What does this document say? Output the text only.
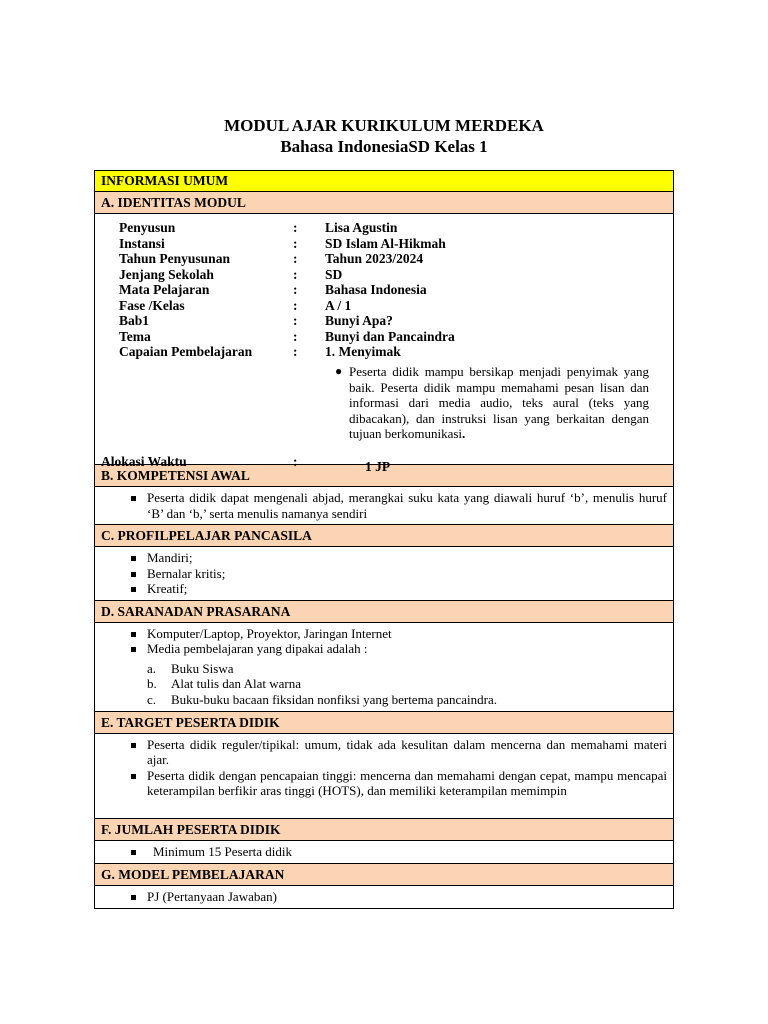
MODUL AJAR KURIKULUM MERDEKA
Bahasa IndonesiaSD Kelas 1
INFORMASI UMUM
A. IDENTITAS MODUL

Penyusun	: Lisa Agustin
Instansi	: SD Islam Al-Hikmah
Tahun Penyusunan	: Tahun 2023/2024
Jenjang Sekolah	: SD
Mata Pelajaran	: Bahasa Indonesia
Fase /Kelas	: A / 1
Bab1	: Bunyi Apa?
Tema	: Bunyi dan Pancaindra
Capaian Pembelajaran	: 1. Menyimak
● Peserta didik mampu bersikap menjadi penyimak yang baik. Peserta didik mampu memahami pesan lisan dan informasi dari media audio, teks aural (teks yang dibacakan), dan instruksi lisan yang berkaitan dengan tujuan berkomunikasi.
Alokasi Waktu	:	1 JP

B. KOMPETENSI AWAL

Peserta didik dapat mengenali abjad, merangkai suku kata yang diawali huruf ‘b’, menulis huruf ‘B’ dan ‘b,’ serta menulis namanya sendiri

C. PROFILPELAJAR PANCASILA

Mandiri;
Bernalar kritis;
Kreatif;

D. SARANADAN PRASARANA

Komputer/Laptop, Proyektor, Jaringan Internet
Media pembelajaran yang dipakai adalah :
a. Buku Siswa
b. Alat tulis dan Alat warna
c. Buku-buku bacaan fiksidan nonfiksi yang bertema pancaindra.

E. TARGET PESERTA DIDIK

Peserta didik reguler/tipikal: umum, tidak ada kesulitan dalam mencerna dan memahami materi ajar.
Peserta didik dengan pencapaian tinggi: mencerna dan memahami dengan cepat, mampu mencapai keterampilan berfikir aras tinggi (HOTS), dan memiliki keterampilan memimpin

F. JUMLAH PESERTA DIDIK

Minimum 15 Peserta didik

G. MODEL PEMBELAJARAN

PJ (Pertanyaan Jawaban)
